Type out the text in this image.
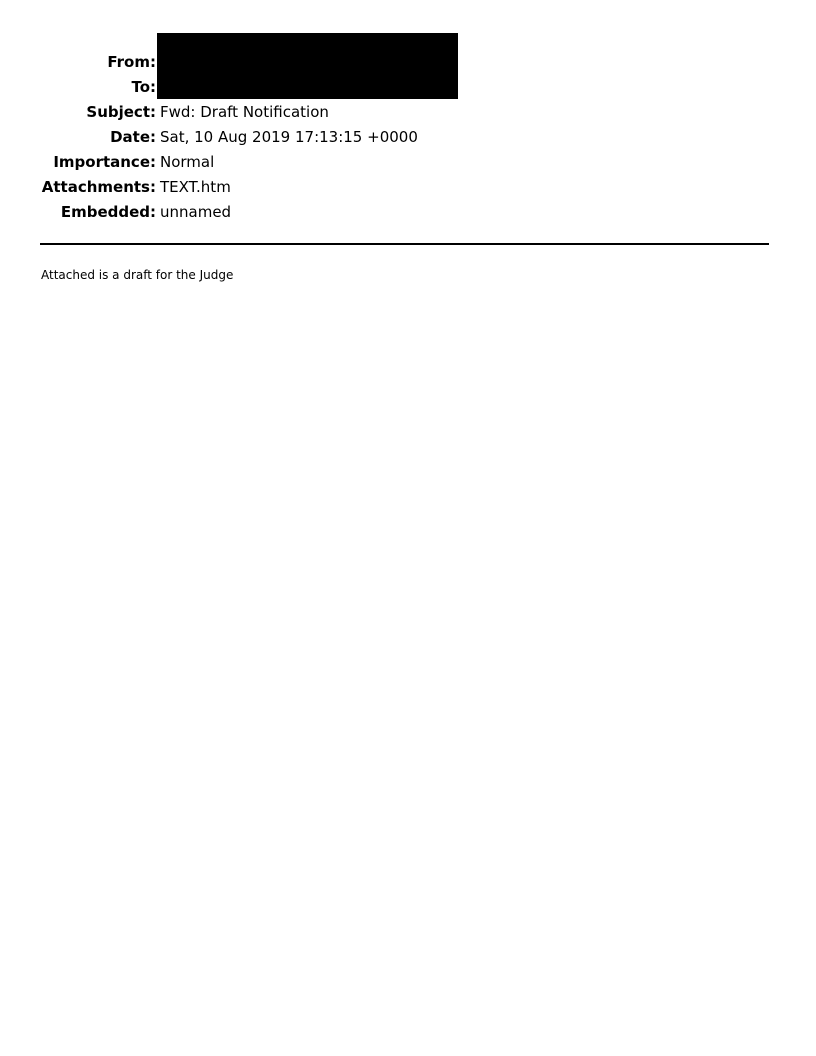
From:
To:
Subject: Fwd: Draft Notification
Date: Sat, 10 Aug 2019 17:13:15 +0000
Importance: Normal
Attachments: TEXT.htm
Embedded: unnamed
Attached is a draft for the Judge
